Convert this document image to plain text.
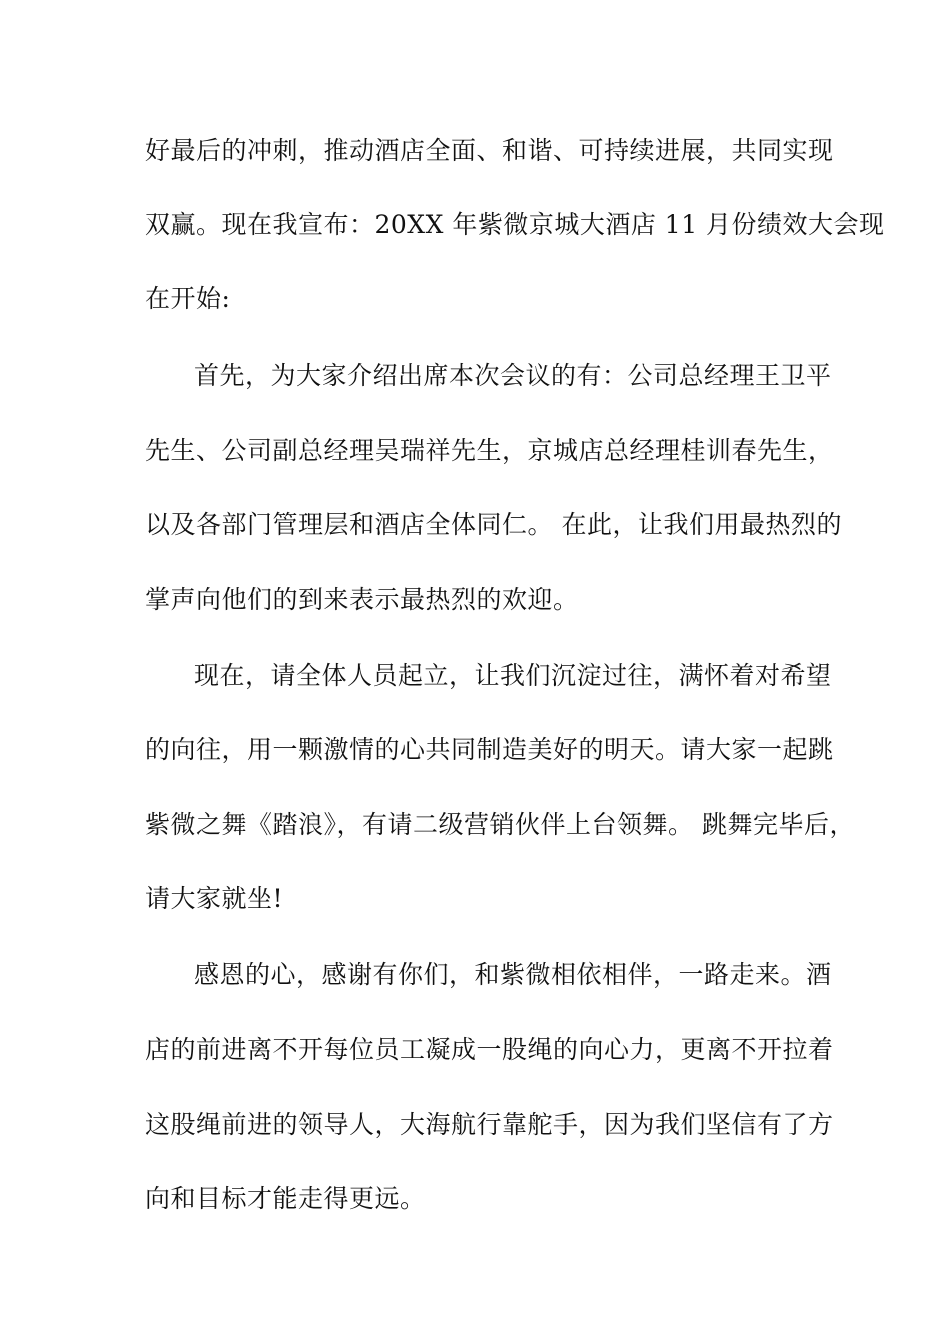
好最后的冲刺，推动酒店全面、和谐、可持续进展，共同实现

双赢。现在我宣布：20XX 年紫微京城大酒店 11 月份绩效大会现

在开始:

首先，为大家介绍出席本次会议的有：公司总经理王卫平

先生、公司副总经理吴瑞祥先生，京城店总经理桂训春先生，

以及各部门管理层和酒店全体同仁。 在此，让我们用最热烈的

掌声向他们的到来表示最热烈的欢迎。

现在，请全体人员起立，让我们沉淀过往，满怀着对希望

的向往，用一颗激情的心共同制造美好的明天。请大家一起跳

紫微之舞《踏浪》，有请二级营销伙伴上台领舞。 跳舞完毕后，

请大家就坐!

感恩的心，感谢有你们，和紫微相依相伴，一路走来。酒

店的前进离不开每位员工凝成一股绳的向心力，更离不开拉着

这股绳前进的领导人，大海航行靠舵手，因为我们坚信有了方

向和目标才能走得更远。
